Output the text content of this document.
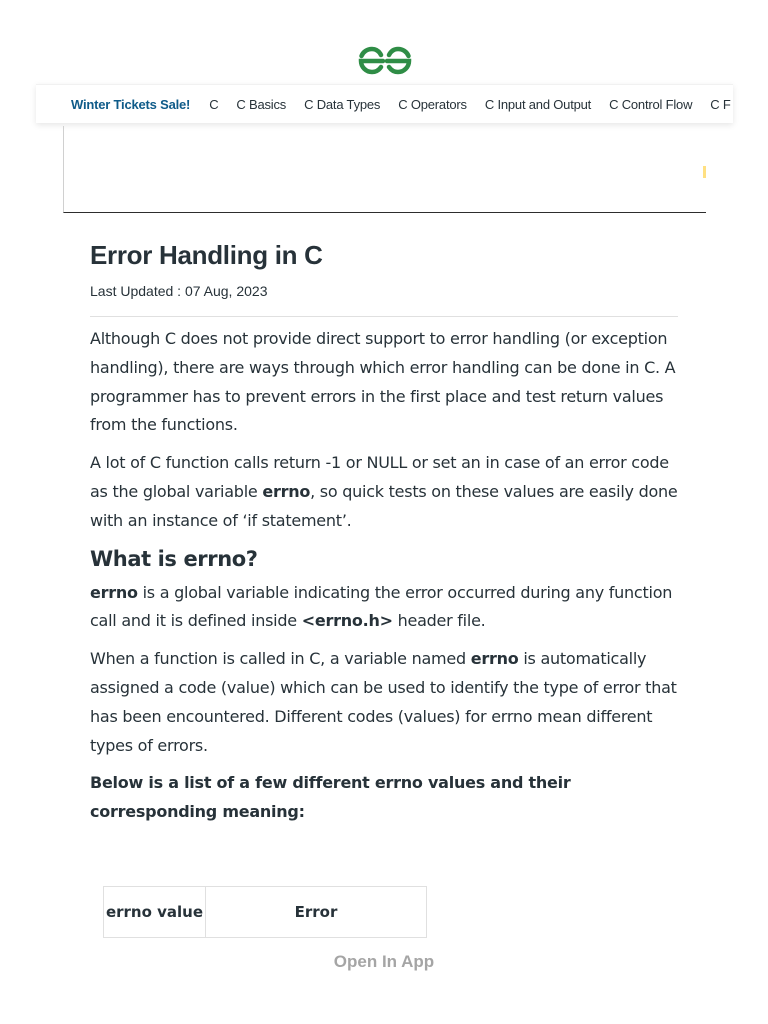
Winter Tickets Sale! C C Basics C Data Types C Operators C Input and Output C Control Flow C F
Error Handling in C
Last Updated : 07 Aug, 2023

Although C does not provide direct support to error handling (or exception handling), there are ways through which error handling can be done in C. A programmer has to prevent errors in the first place and test return values from the functions.

A lot of C function calls return -1 or NULL or set an in case of an error code as the global variable errno, so quick tests on these values are easily done with an instance of ‘if statement’.

What is errno?

errno is a global variable indicating the error occurred during any function call and it is defined inside <errno.h> header file.

When a function is called in C, a variable named errno is automatically assigned a code (value) which can be used to identify the type of error that has been encountered. Different codes (values) for errno mean different types of errors.

Below is a list of a few different errno values and their corresponding meaning:

errno value	Error
Open In App
